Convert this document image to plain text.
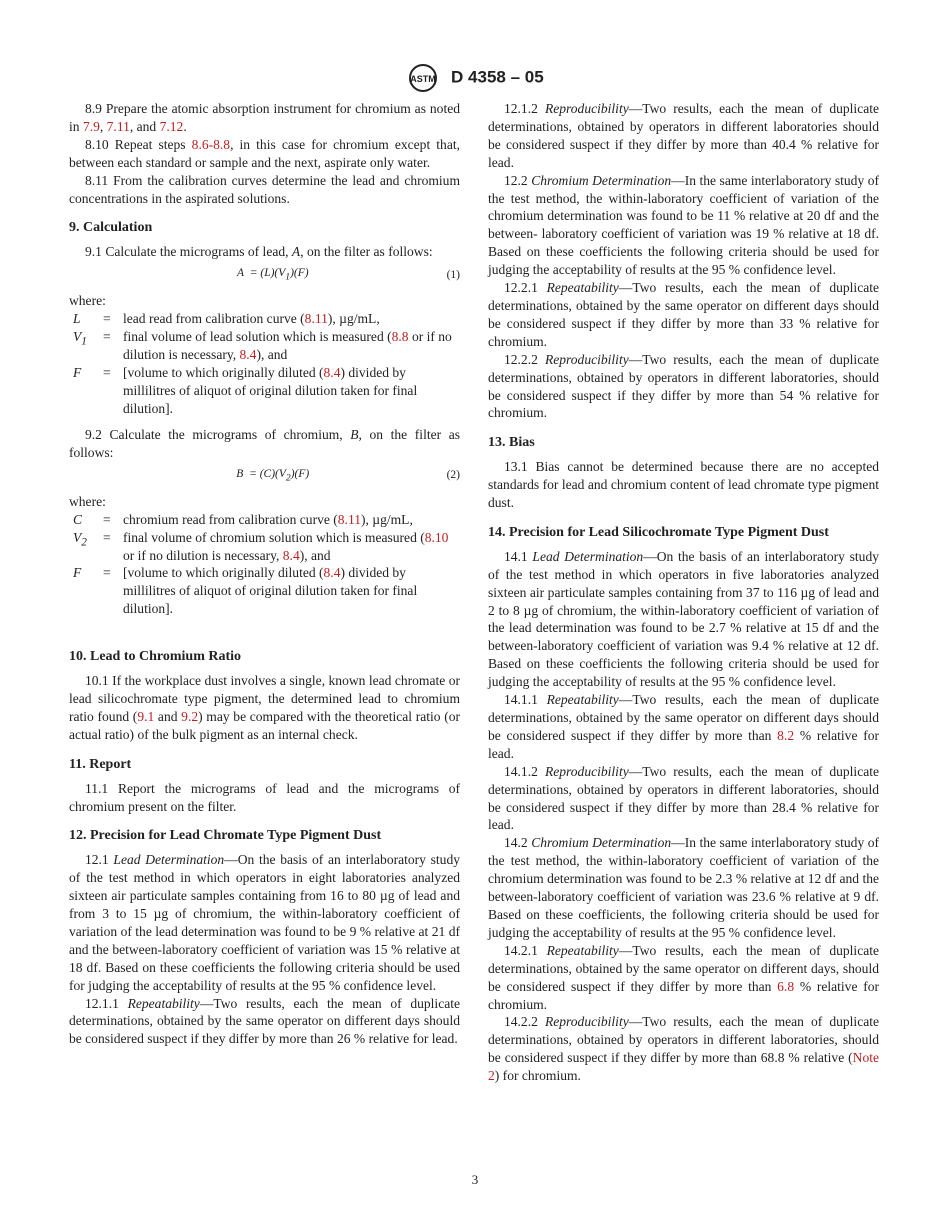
ASTM D 4358 – 05

8.9 Prepare the atomic absorption instrument for chromium as noted in 7.9, 7.11, and 7.12.

8.10 Repeat steps 8.6-8.8, in this case for chromium except that, between each standard or sample and the next, aspirate only water.

8.11 From the calibration curves determine the lead and chromium concentrations in the aspirated solutions.

9. Calculation

9.1 Calculate the micrograms of lead, A, on the filter as follows:

$A = (L)(V_1)(F)$	(1)
where:
L	= lead read from calibration curve (8.11), µg/mL,
$V_1$	= final volume of lead solution which is measured (8.8 or if no dilution is necessary, 8.4), and
F	= [volume to which originally diluted (8.4) divided by millilitres of aliquot of original dilution taken for final dilution].

9.2 Calculate the micrograms of chromium, B, on the filter as follows:

$B = (C)(V_2)(F)$	(2)
where:
C	= chromium read from calibration curve (8.11), µg/mL,
$V_2$	= final volume of chromium solution which is measured (8.10 or if no dilution is necessary, 8.4), and
F	= [volume to which originally diluted (8.4) divided by millilitres of aliquot of original dilution taken for final dilution].
10. Lead to Chromium Ratio

10.1 If the workplace dust involves a single, known lead chromate or lead silicochromate type pigment, the determined lead to chromium ratio found (9.1 and 9.2) may be compared with the theoretical ratio (or actual ratio) of the bulk pigment as an internal check.

11. Report

11.1 Report the micrograms of lead and the micrograms of chromium present on the filter.

12. Precision for Lead Chromate Type Pigment Dust

12.1 Lead Determination—On the basis of an interlaboratory study of the test method in which operators in eight laboratories analyzed sixteen air particulate samples containing from 16 to 80 µg of lead and from 3 to 15 µg of chromium, the within-laboratory coefficient of variation of the lead determination was found to be 9 % relative at 21 df and the between-laboratory coefficient of variation was 15 % relative at 18 df. Based on these coefficients the following criteria should be used for judging the acceptability of results at the 95 % confidence level.

12.1.1 Repeatability—Two results, each the mean of duplicate determinations, obtained by the same operator on different days should be considered suspect if they differ by more than 26 % relative for lead.

12.1.2 Reproducibility—Two results, each the mean of duplicate determinations, obtained by operators in different laboratories should be considered suspect if they differ by more than 40.4 % relative for lead.

12.2 Chromium Determination—In the same interlaboratory study of the test method, the within-laboratory coefficient of variation of the chromium determination was found to be 11 % relative at 20 df and the between- laboratory coefficient of variation was 19 % relative at 18 df. Based on these coefficients the following criteria should be used for judging the acceptability of results at the 95 % confidence level.

12.2.1 Repeatability—Two results, each the mean of duplicate determinations, obtained by the same operator on different days should be considered suspect if they differ by more than 33 % relative for chromium.

12.2.2 Reproducibility—Two results, each the mean of duplicate determinations, obtained by operators in different laboratories, should be considered suspect if they differ by more than 54 % relative for chromium.

13. Bias

13.1 Bias cannot be determined because there are no accepted standards for lead and chromium content of lead chromate type pigment dust.

14. Precision for Lead Silicochromate Type Pigment Dust

14.1 Lead Determination—On the basis of an interlaboratory study of the test method in which operators in five laboratories analyzed sixteen air particulate samples containing from 37 to 116 µg of lead and 2 to 8 µg of chromium, the within-laboratory coefficient of variation of the lead determination was found to be 2.7 % relative at 15 df and the between-laboratory coefficient of variation was 9.4 % relative at 12 df. Based on these coefficients the following criteria should be used for judging the acceptability of results at the 95 % confidence level.

14.1.1 Repeatability—Two results, each the mean of duplicate determinations, obtained by the same operator on different days should be considered suspect if they differ by more than 8.2 % relative for lead.

14.1.2 Reproducibility—Two results, each the mean of duplicate determinations, obtained by operators in different laboratories, should be considered suspect if they differ by more than 28.4 % relative for lead.

14.2 Chromium Determination—In the same interlaboratory study of the test method, the within-laboratory coefficient of variation of the chromium determination was found to be 2.3 % relative at 12 df and the between-laboratory coefficient of variation was 23.6 % relative at 9 df. Based on these coefficients, the following criteria should be used for judging the acceptability of results at the 95 % confidence level.

14.2.1 Repeatability—Two results, each the mean of duplicate determinations, obtained by the same operator on different days, should be considered suspect if they differ by more than 6.8 % relative for chromium.

14.2.2 Reproducibility—Two results, each the mean of duplicate determinations, obtained by operators in different laboratories, should be considered suspect if they differ by more than 68.8 % relative (Note 2) for chromium.

3
